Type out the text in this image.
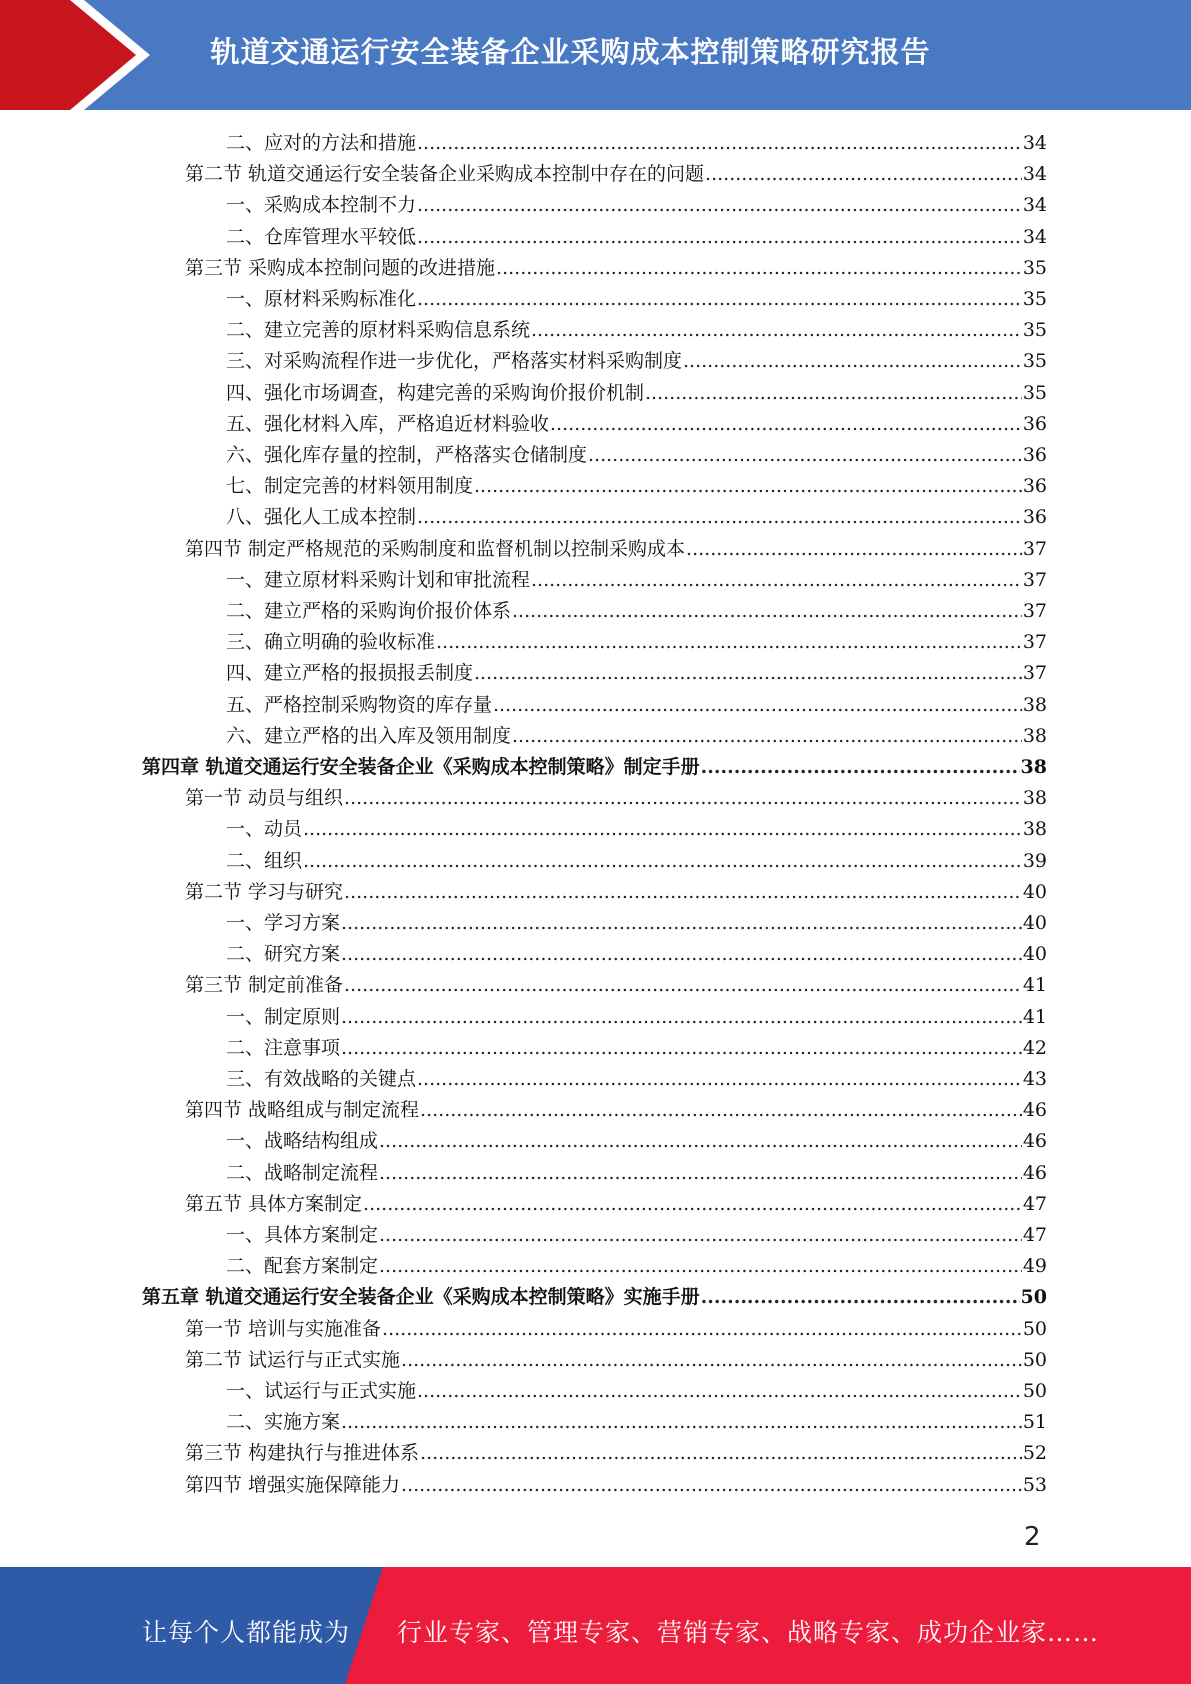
轨道交通运行安全装备企业采购成本控制策略研究报告
二、应对的方法和措施 .....	34
第二节 轨道交通运行安全装备企业采购成本控制中存在的问题 .....	34
一、采购成本控制不力 .....	34
二、仓库管理水平较低 .....	34
第三节 采购成本控制问题的改进措施 .....	35
一、原材料采购标准化 .....	35
二、建立完善的原材料采购信息系统 .....	35
三、对采购流程作进一步优化，严格落实材料采购制度 .....	35
四、强化市场调查，构建完善的采购询价报价机制 .....	35
五、强化材料入库，严格追近材料验收 .....	36
六、强化库存量的控制，严格落实仓储制度 .....	36
七、制定完善的材料领用制度 .....	36
八、强化人工成本控制 .....	36
第四节 制定严格规范的采购制度和监督机制以控制采购成本 .....	37
一、建立原材料采购计划和审批流程 .....	37
二、建立严格的采购询价报价体系 .....	37
三、确立明确的验收标准 .....	37
四、建立严格的报损报丢制度 .....	37
五、严格控制采购物资的库存量 .....	38
六、建立严格的出入库及领用制度 .....	38
第四章 轨道交通运行安全装备企业《采购成本控制策略》制定手册 .....	38
第一节 动员与组织 .....	38
一、动员 .....	38
二、组织 .....	39
第二节 学习与研究 .....	40
一、学习方案 .....	40
二、研究方案 .....	40
第三节 制定前准备 .....	41
一、制定原则 .....	41
二、注意事项 .....	42
三、有效战略的关键点 .....	43
第四节 战略组成与制定流程 .....	46
一、战略结构组成 .....	46
二、战略制定流程 .....	46
第五节 具体方案制定 .....	47
一、具体方案制定 .....	47
二、配套方案制定 .....	49
第五章 轨道交通运行安全装备企业《采购成本控制策略》实施手册 .....	50
第一节 培训与实施准备 .....	50
第二节 试运行与正式实施 .....	50
一、试运行与正式实施 .....	50
二、实施方案 .....	51
第三节 构建执行与推进体系 .....	52
第四节 增强实施保障能力 .....	53
2
让每个人都能成为 行业专家、管理专家、营销专家、战略专家、成功企业家……
